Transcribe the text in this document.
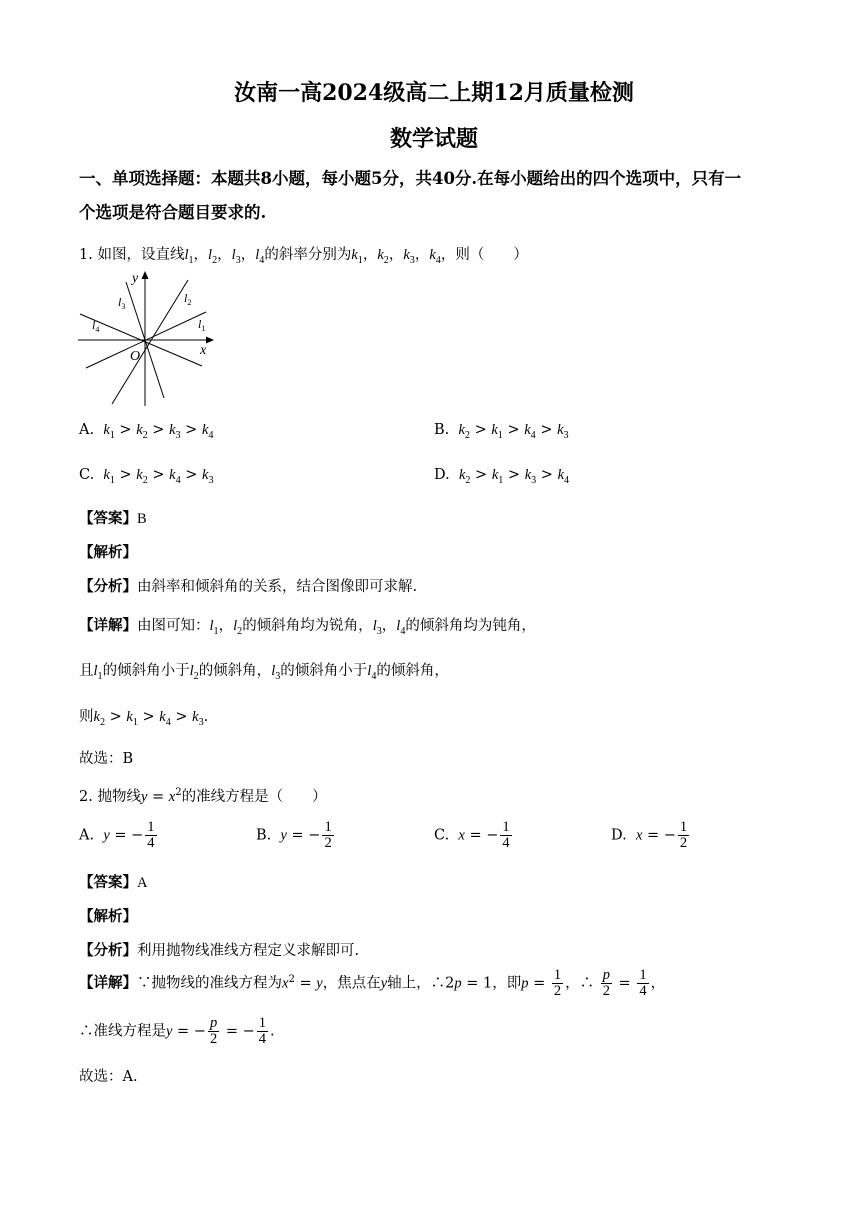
汝南一高2024级高二上期12月质量检测
数学试题
一、单项选择题：本题共8小题，每小题5分，共40分.在每小题给出的四个选项中，只有一
个选项是符合题目要求的.
1. 如图，设直线$l_1$，$l_2$，$l_3$，$l_4$的斜率分别为$k_1$，$k_2$，$k_3$，$k_4$，则（　　）
y
x
O
$l_1$
$l_2$
$l_3$
$l_4$
A. $k_1 > k_2 > k_3 > k_4$	B. $k_2 > k_1 > k_4 > k_3$
C. $k_1 > k_2 > k_4 > k_3$	D. $k_2 > k_1 > k_3 > k_4$
【答案】B
【解析】
【分析】由斜率和倾斜角的关系，结合图像即可求解.
【详解】由图可知：$l_1$，$l_2$的倾斜角均为锐角，$l_3$，$l_4$的倾斜角均为钝角，
且$l_1$的倾斜角小于$l_2$的倾斜角，$l_3$的倾斜角小于$l_4$的倾斜角，
则$k_2 > k_1 > k_4 > k_3$.
故选：B
2. 抛物线$y = x^2$的准线方程是（　　）
A. y = − $\frac{1}{4}$	B. y = − $\frac{1}{2}$	C. x = − $\frac{1}{4}$	D. x = − $\frac{1}{2}$
【答案】A
【解析】
【分析】利用抛物线准线方程定义求解即可.
【详解】∵抛物线的准线方程为$x^2 = y$，焦点在y轴上，∴2p = 1，即$p = \frac{1}{2}$ ，∴ $\frac{p}{2} = \frac{1}{4}$ ，
∴准线方程是y = − $\frac{p}{2}$ = − $\frac{1}{4}$ .
故选：A.
